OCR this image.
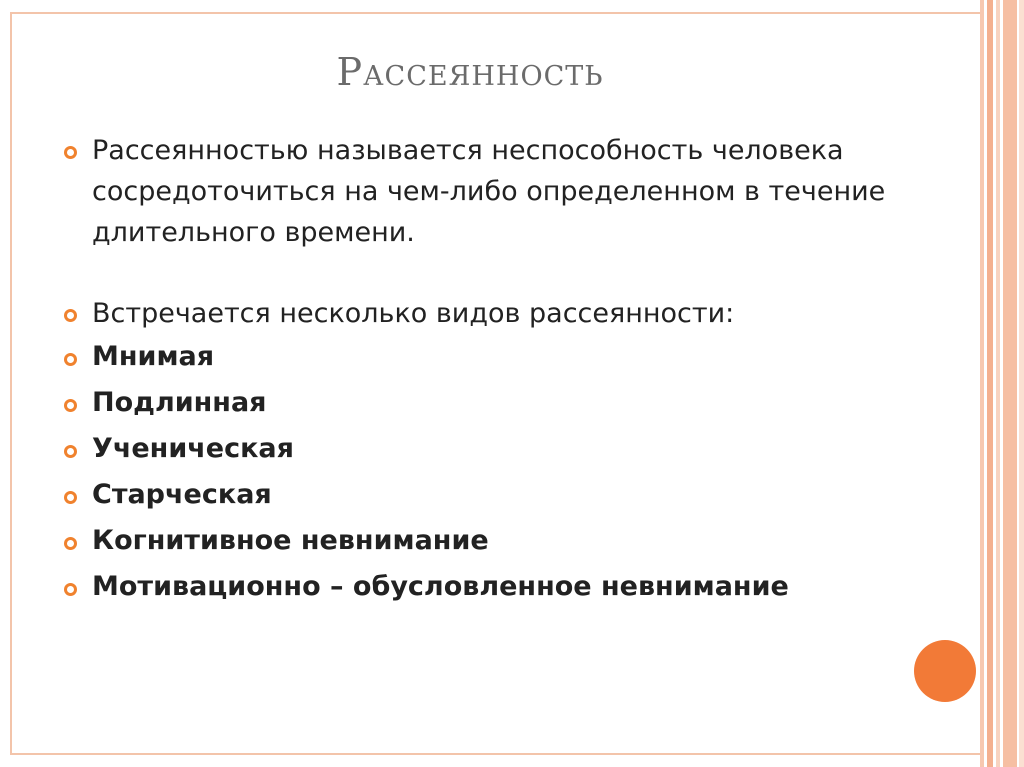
Рассеянность
Рассеянностью называется неспособность человека сосредоточиться на чем-либо определенном в течение длительного времени.
Встречается несколько видов рассеянности:
Мнимая
Подлинная
Ученическая
Старческая
Когнитивное невнимание
Мотивационно – обусловленное невнимание
